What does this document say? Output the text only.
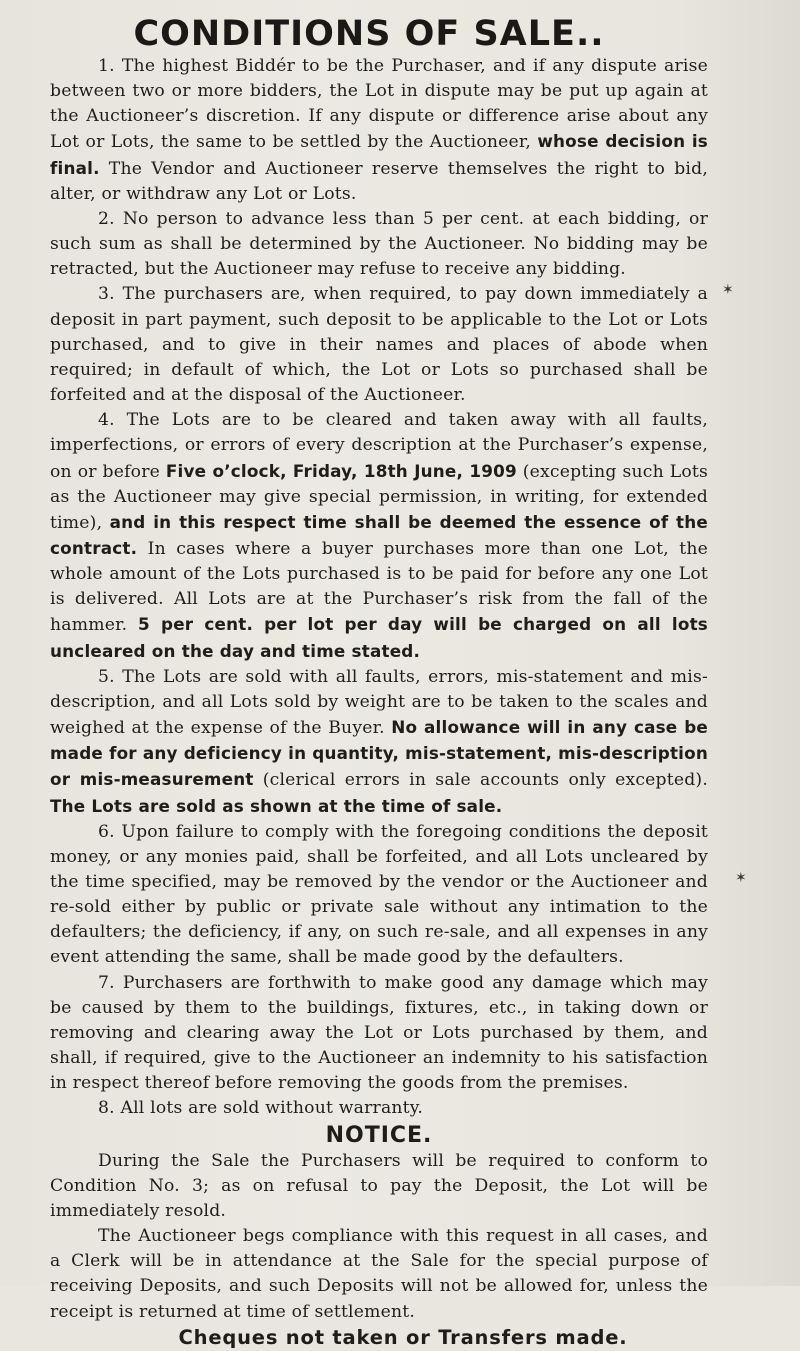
CONDITIONS OF SALE..

1. The highest Biddér to be the Purchaser, and if any dispute arise between two or more bidders, the Lot in dispute may be put up again at the Auctioneer’s discretion. If any dispute or difference arise about any Lot or Lots, the same to be settled by the Auctioneer, whose decision is final. The Vendor and Auctioneer reserve themselves the right to bid, alter, or withdraw any Lot or Lots.

2. No person to advance less than 5 per cent. at each bidding, or such sum as shall be determined by the Auctioneer. No bidding may be retracted, but the Auctioneer may refuse to receive any bidding.

3. The purchasers are, when required, to pay down immediately a deposit in part payment, such deposit to be applicable to the Lot or Lots purchased, and to give in their names and places of abode when required; in default of which, the Lot or Lots so purchased shall be forfeited and at the disposal of the Auctioneer.

4. The Lots are to be cleared and taken away with all faults, imperfections, or errors of every description at the Purchaser’s expense, on or before Five o’clock, Friday, 18th June, 1909 (excepting such Lots as the Auctioneer may give special permission, in writing, for extended time), and in this respect time shall be deemed the essence of the contract. In cases where a buyer purchases more than one Lot, the whole amount of the Lots purchased is to be paid for before any one Lot is delivered. All Lots are at the Purchaser’s risk from the fall of the hammer. 5 per cent. per lot per day will be charged on all lots uncleared on the day and time stated.

5. The Lots are sold with all faults, errors, mis-statement and mis-description, and all Lots sold by weight are to be taken to the scales and weighed at the expense of the Buyer. No allowance will in any case be made for any deficiency in quantity, mis-statement, mis-description or mis-measurement (clerical errors in sale accounts only excepted). The Lots are sold as shown at the time of sale.

6. Upon failure to comply with the foregoing conditions the deposit money, or any monies paid, shall be forfeited, and all Lots uncleared by the time specified, may be removed by the vendor or the Auctioneer and re-sold either by public or private sale without any intimation to the defaulters; the deficiency, if any, on such re-sale, and all expenses in any event attending the same, shall be made good by the defaulters.

7. Purchasers are forthwith to make good any damage which may be caused by them to the buildings, fixtures, etc., in taking down or removing and clearing away the Lot or Lots purchased by them, and shall, if required, give to the Auctioneer an indemnity to his satisfaction in respect thereof before removing the goods from the premises.

8. All lots are sold without warranty.

NOTICE.

During the Sale the Purchasers will be required to conform to Condition No. 3; as on refusal to pay the Deposit, the Lot will be immediately resold.

The Auctioneer begs compliance with this request in all cases, and a Clerk will be in attendance at the Sale for the special purpose of receiving Deposits, and such Deposits will not be allowed for, unless the receipt is returned at time of settlement.

Cheques not taken or Transfers made.

✶
✶
